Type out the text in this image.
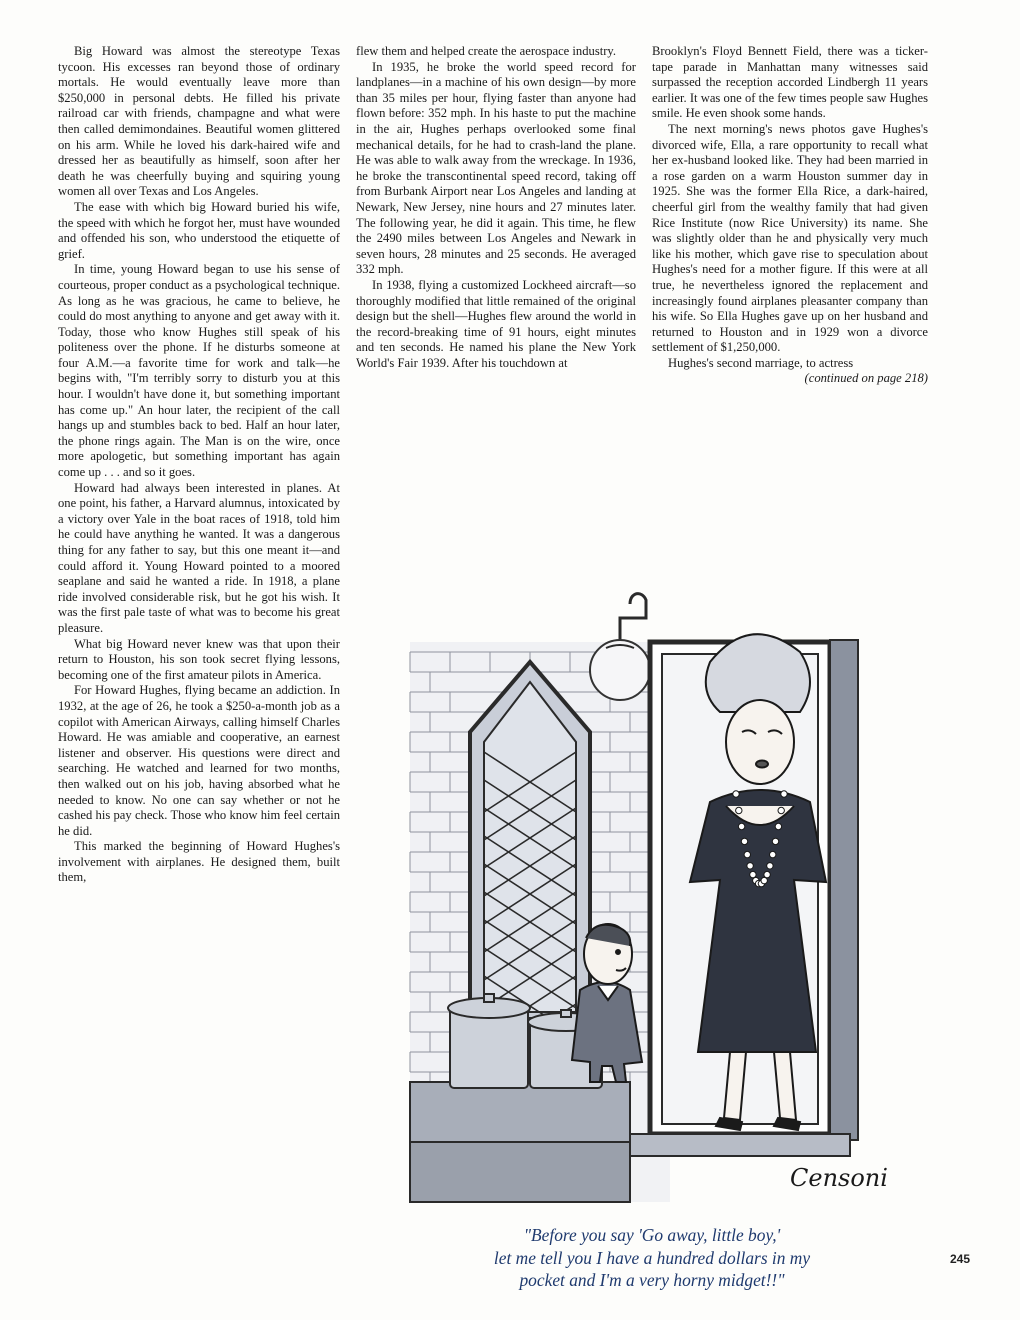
Big Howard was almost the stereotype Texas tycoon. His excesses ran beyond those of ordinary mortals. He would eventually leave more than $250,000 in personal debts. He filled his private railroad car with friends, champagne and what were then called demimondaines. Beautiful women glittered on his arm. While he loved his dark-haired wife and dressed her as beautifully as himself, soon after her death he was cheerfully buying and squiring young women all over Texas and Los Angeles.

The ease with which big Howard buried his wife, the speed with which he forgot her, must have wounded and offended his son, who understood the etiquette of grief.

In time, young Howard began to use his sense of courteous, proper conduct as a psychological technique. As long as he was gracious, he came to believe, he could do most anything to anyone and get away with it. Today, those who know Hughes still speak of his politeness over the phone. If he disturbs someone at four A.M.—a favorite time for work and talk—he begins with, "I'm terribly sorry to disturb you at this hour. I wouldn't have done it, but something important has come up." An hour later, the recipient of the call hangs up and stumbles back to bed. Half an hour later, the phone rings again. The Man is on the wire, once more apologetic, but something important has again come up . . . and so it goes.

Howard had always been interested in planes. At one point, his father, a Harvard alumnus, intoxicated by a victory over Yale in the boat races of 1918, told him he could have anything he wanted. It was a dangerous thing for any father to say, but this one meant it—and could afford it. Young Howard pointed to a moored seaplane and said he wanted a ride. In 1918, a plane ride involved considerable risk, but he got his wish. It was the first pale taste of what was to become his great pleasure.

What big Howard never knew was that upon their return to Houston, his son took secret flying lessons, becoming one of the first amateur pilots in America.

For Howard Hughes, flying became an addiction. In 1932, at the age of 26, he took a $250-a-month job as a copilot with American Airways, calling himself Charles Howard. He was amiable and cooperative, an earnest listener and observer. His questions were direct and searching. He watched and learned for two months, then walked out on his job, having absorbed what he needed to know. No one can say whether or not he cashed his pay check. Those who know him feel certain he did.

This marked the beginning of Howard Hughes's involvement with airplanes. He designed them, built them,

flew them and helped create the aerospace industry.

In 1935, he broke the world speed record for landplanes—in a machine of his own design—by more than 35 miles per hour, flying faster than anyone had flown before: 352 mph. In his haste to put the machine in the air, Hughes perhaps overlooked some final mechanical details, for he had to crash-land the plane. He was able to walk away from the wreckage. In 1936, he broke the transcontinental speed record, taking off from Burbank Airport near Los Angeles and landing at Newark, New Jersey, nine hours and 27 minutes later. The following year, he did it again. This time, he flew the 2490 miles between Los Angeles and Newark in seven hours, 28 minutes and 25 seconds. He averaged 332 mph.

In 1938, flying a customized Lockheed aircraft—so thoroughly modified that little remained of the original design but the shell—Hughes flew around the world in the record-breaking time of 91 hours, eight minutes and ten seconds. He named his plane the New York World's Fair 1939. After his touchdown at

Brooklyn's Floyd Bennett Field, there was a ticker-tape parade in Manhattan many witnesses said surpassed the reception accorded Lindbergh 11 years earlier. It was one of the few times people saw Hughes smile. He even shook some hands.

The next morning's news photos gave Hughes's divorced wife, Ella, a rare opportunity to recall what her ex-husband looked like. They had been married in a rose garden on a warm Houston summer day in 1925. She was the former Ella Rice, a dark-haired, cheerful girl from the wealthy family that had given Rice Institute (now Rice University) its name. She was slightly older than he and physically very much like his mother, which gave rise to speculation about Hughes's need for a mother figure. If this were at all true, he nevertheless ignored the replacement and increasingly found airplanes pleasanter company than his wife. So Ella Hughes gave up on her husband and returned to Houston and in 1929 won a divorce settlement of $1,250,000.

Hughes's second marriage, to actress

(continued on page 218)
Censoni
"Before you say 'Go away, little boy,'
let me tell you I have a hundred dollars in my
pocket and I'm a very horny midget!!"
245
